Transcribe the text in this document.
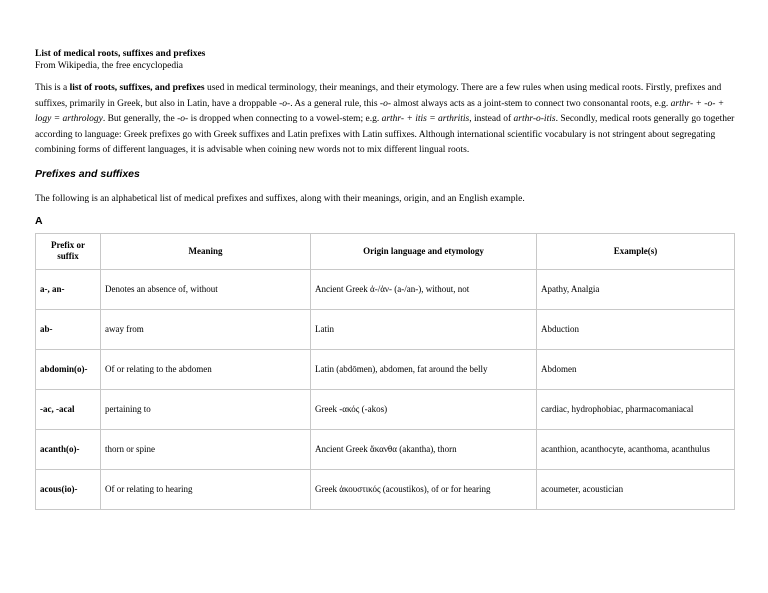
List of medical roots, suffixes and prefixes

From Wikipedia, the free encyclopedia

This is a list of roots, suffixes, and prefixes used in medical terminology, their meanings, and their etymology. There are a few rules when using medical roots. Firstly, prefixes and suffixes, primarily in Greek, but also in Latin, have a droppable -o-. As a general rule, this -o- almost always acts as a joint-stem to connect two consonantal roots, e.g. arthr- + -o- + logy = arthrology. But generally, the -o- is dropped when connecting to a vowel-stem; e.g. arthr- + itis = arthritis, instead of arthr-o-itis. Secondly, medical roots generally go together according to language: Greek prefixes go with Greek suffixes and Latin prefixes with Latin suffixes. Although international scientific vocabulary is not stringent about segregating combining forms of different languages, it is advisable when coining new words not to mix different lingual roots.

Prefixes and suffixes

The following is an alphabetical list of medical prefixes and suffixes, along with their meanings, origin, and an English example.

A

Prefix or suffix	Meaning	Origin language and etymology	Example(s)
a-, an-	Denotes an absence of, without	Ancient Greek ἀ-/ἀν- (a-/an-), without, not	Apathy, Analgia
ab-	away from	Latin	Abduction
abdomin(o)-	Of or relating to the abdomen	Latin (abdōmen), abdomen, fat around the belly	Abdomen
-ac, -acal	pertaining to	Greek -ακός (-akos)	cardiac, hydrophobiac, pharmacomaniacal
acanth(o)-	thorn or spine	Ancient Greek ἄκανθα (akantha), thorn	acanthion, acanthocyte, acanthoma, acanthulus
acous(io)-	Of or relating to hearing	Greek ἀκουστικός (acoustikos), of or for hearing	acoumeter, acoustician
